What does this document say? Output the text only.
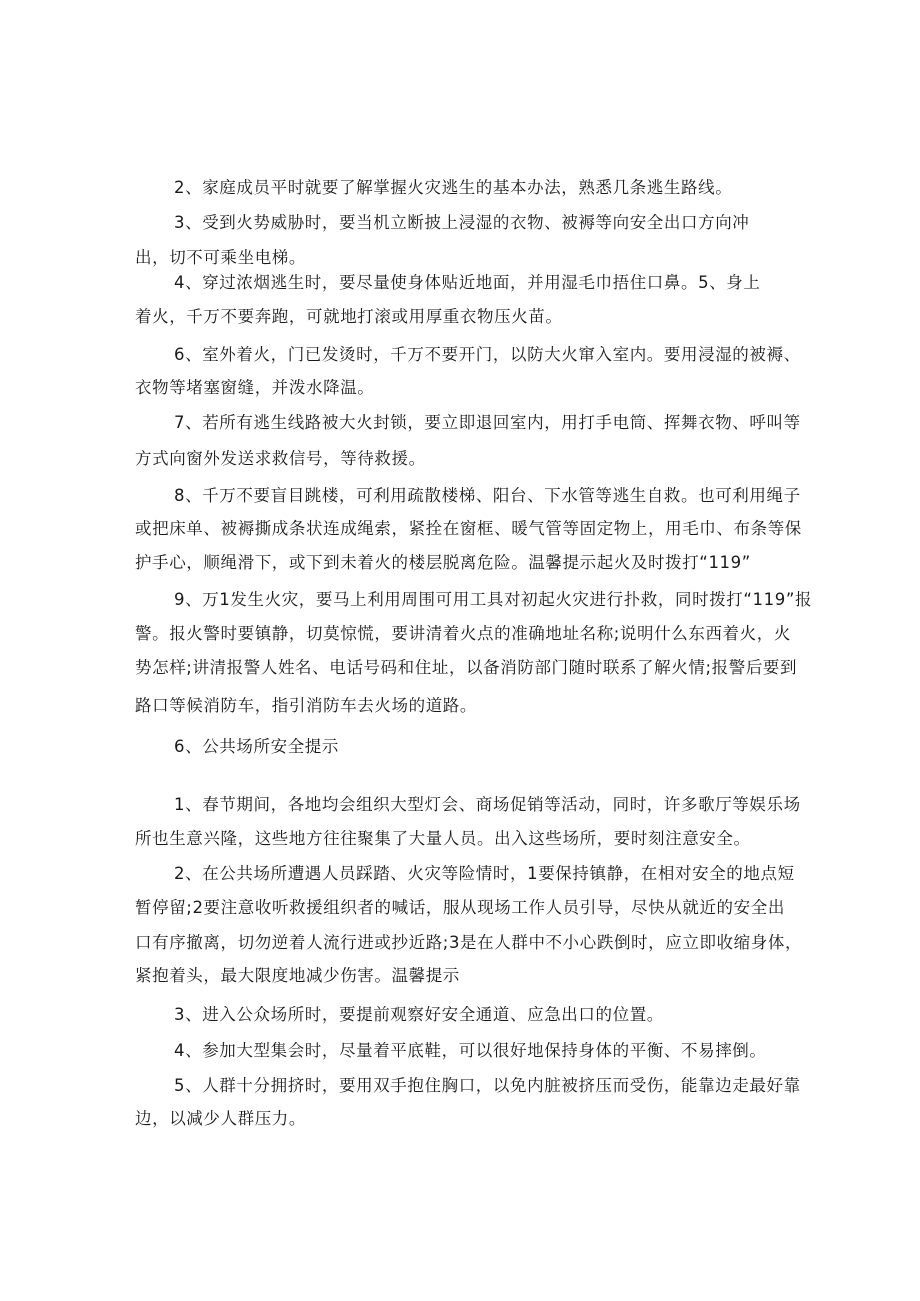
2、家庭成员平时就要了解掌握火灾逃生的基本办法，熟悉几条逃生路线。
3、受到火势威胁时，要当机立断披上浸湿的衣物、被褥等向安全出口方向冲
出，切不可乘坐电梯。
4、穿过浓烟逃生时，要尽量使身体贴近地面，并用湿毛巾捂住口鼻。5、身上
着火，千万不要奔跑，可就地打滚或用厚重衣物压火苗。
6、室外着火，门已发烫时，千万不要开门，以防大火窜入室内。要用浸湿的被褥、
衣物等堵塞窗缝，并泼水降温。
7、若所有逃生线路被大火封锁，要立即退回室内，用打手电筒、挥舞衣物、呼叫等
方式向窗外发送求救信号，等待救援。
8、千万不要盲目跳楼，可利用疏散楼梯、阳台、下水管等逃生自救。也可利用绳子
或把床单、被褥撕成条状连成绳索，紧拴在窗框、暖气管等固定物上，用毛巾、布条等保
护手心，顺绳滑下，或下到未着火的楼层脱离危险。温馨提示起火及时拨打“119”
9、万1发生火灾，要马上利用周围可用工具对初起火灾进行扑救，同时拨打“119”报
警。报火警时要镇静，切莫惊慌，要讲清着火点的准确地址名称;说明什么东西着火，火
势怎样;讲清报警人姓名、电话号码和住址，以备消防部门随时联系了解火情;报警后要到
路口等候消防车，指引消防车去火场的道路。
6、公共场所安全提示
1、春节期间，各地均会组织大型灯会、商场促销等活动，同时，许多歌厅等娱乐场
所也生意兴隆，这些地方往往聚集了大量人员。出入这些场所，要时刻注意安全。
2、在公共场所遭遇人员踩踏、火灾等险情时，1要保持镇静，在相对安全的地点短
暂停留;2要注意收听救援组织者的喊话，服从现场工作人员引导，尽快从就近的安全出
口有序撤离，切勿逆着人流行进或抄近路;3是在人群中不小心跌倒时，应立即收缩身体，
紧抱着头，最大限度地减少伤害。温馨提示
3、进入公众场所时，要提前观察好安全通道、应急出口的位置。
4、参加大型集会时，尽量着平底鞋，可以很好地保持身体的平衡、不易摔倒。
5、人群十分拥挤时，要用双手抱住胸口，以免内脏被挤压而受伤，能靠边走最好靠
边，以减少人群压力。
